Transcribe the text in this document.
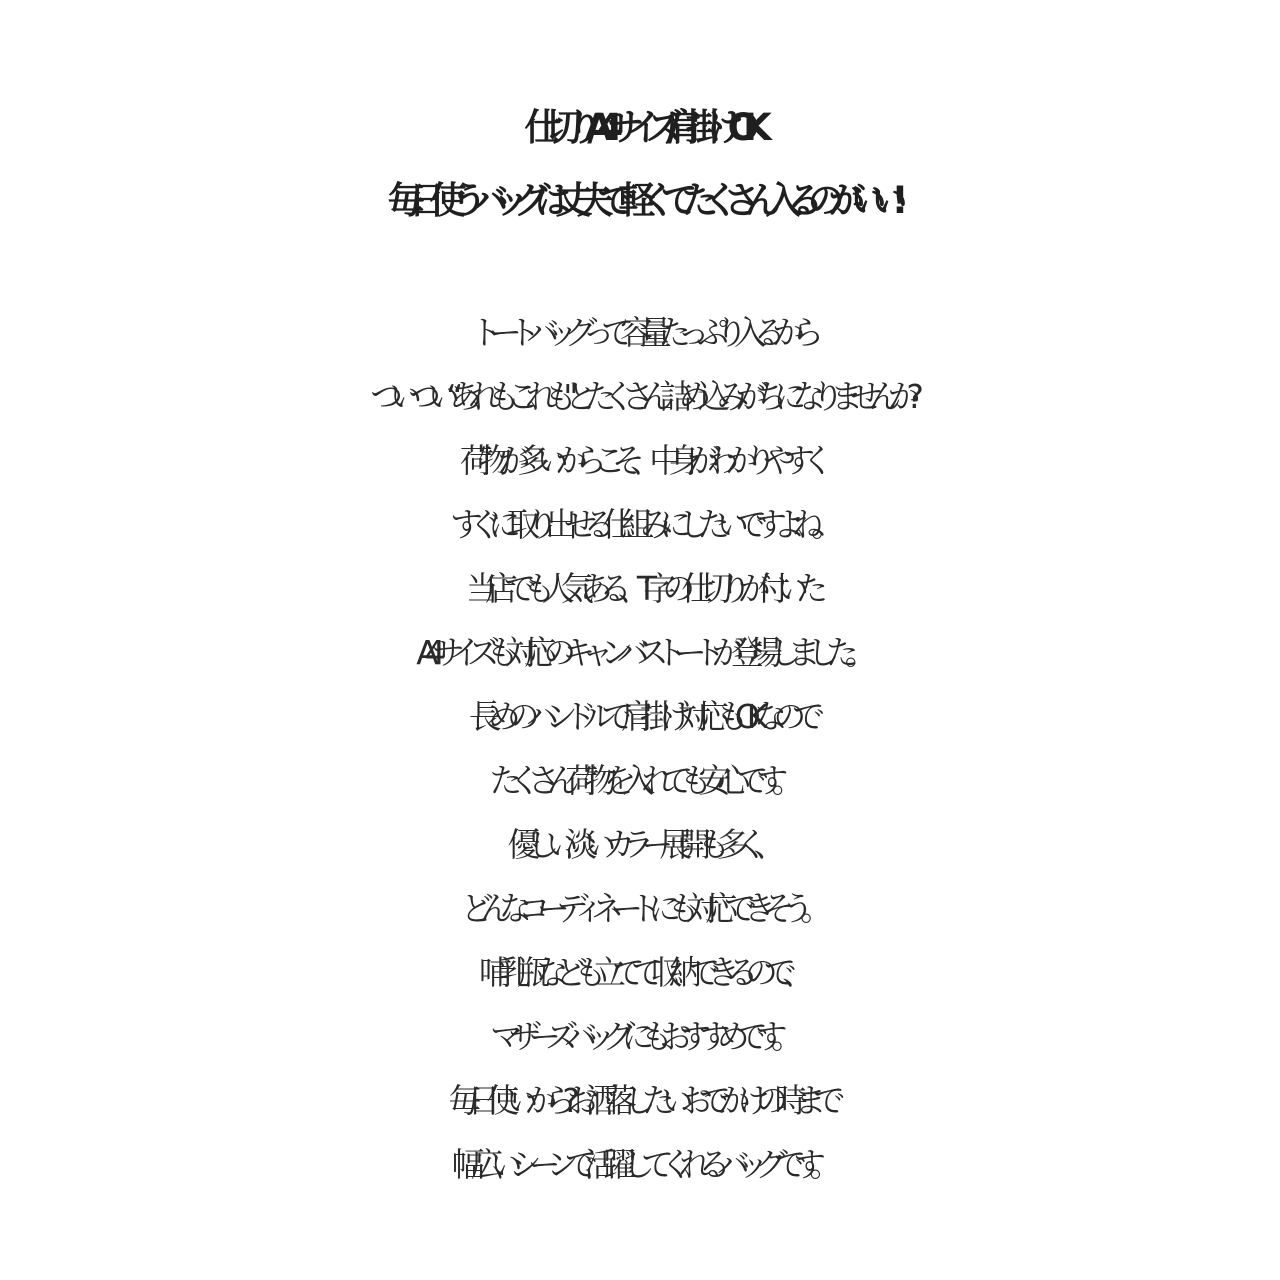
仕切り/A4サイズ/肩掛けOK
毎日使うバッグは丈夫で軽くてたくさん入るのがいい!
トートバッグって容量たっぷり入るから
ついつい“あれもこれも"とたくさん詰め込みがちになりませんか?
荷物が多いからこそ、中身がわかりやすく
すぐに取り出せる仕組みにしたいですよね。
当店でも人気ある、T字の仕切りが付いた
A4サイズも対応のキャンバストートが登場しました。
長めのハンドルで肩掛け対応もOKなので
たくさん荷物を入れても安心です。
優しい淡いカラー展開も多く、
どんなコーディネートにも対応できそう。
哺乳瓶なども立てて収納できるので、
マザーズバッグにもおすすめです。
毎日使いから?お洒落したいおでかけの時まで
幅広いシーンで活躍してくれるバッグです。
